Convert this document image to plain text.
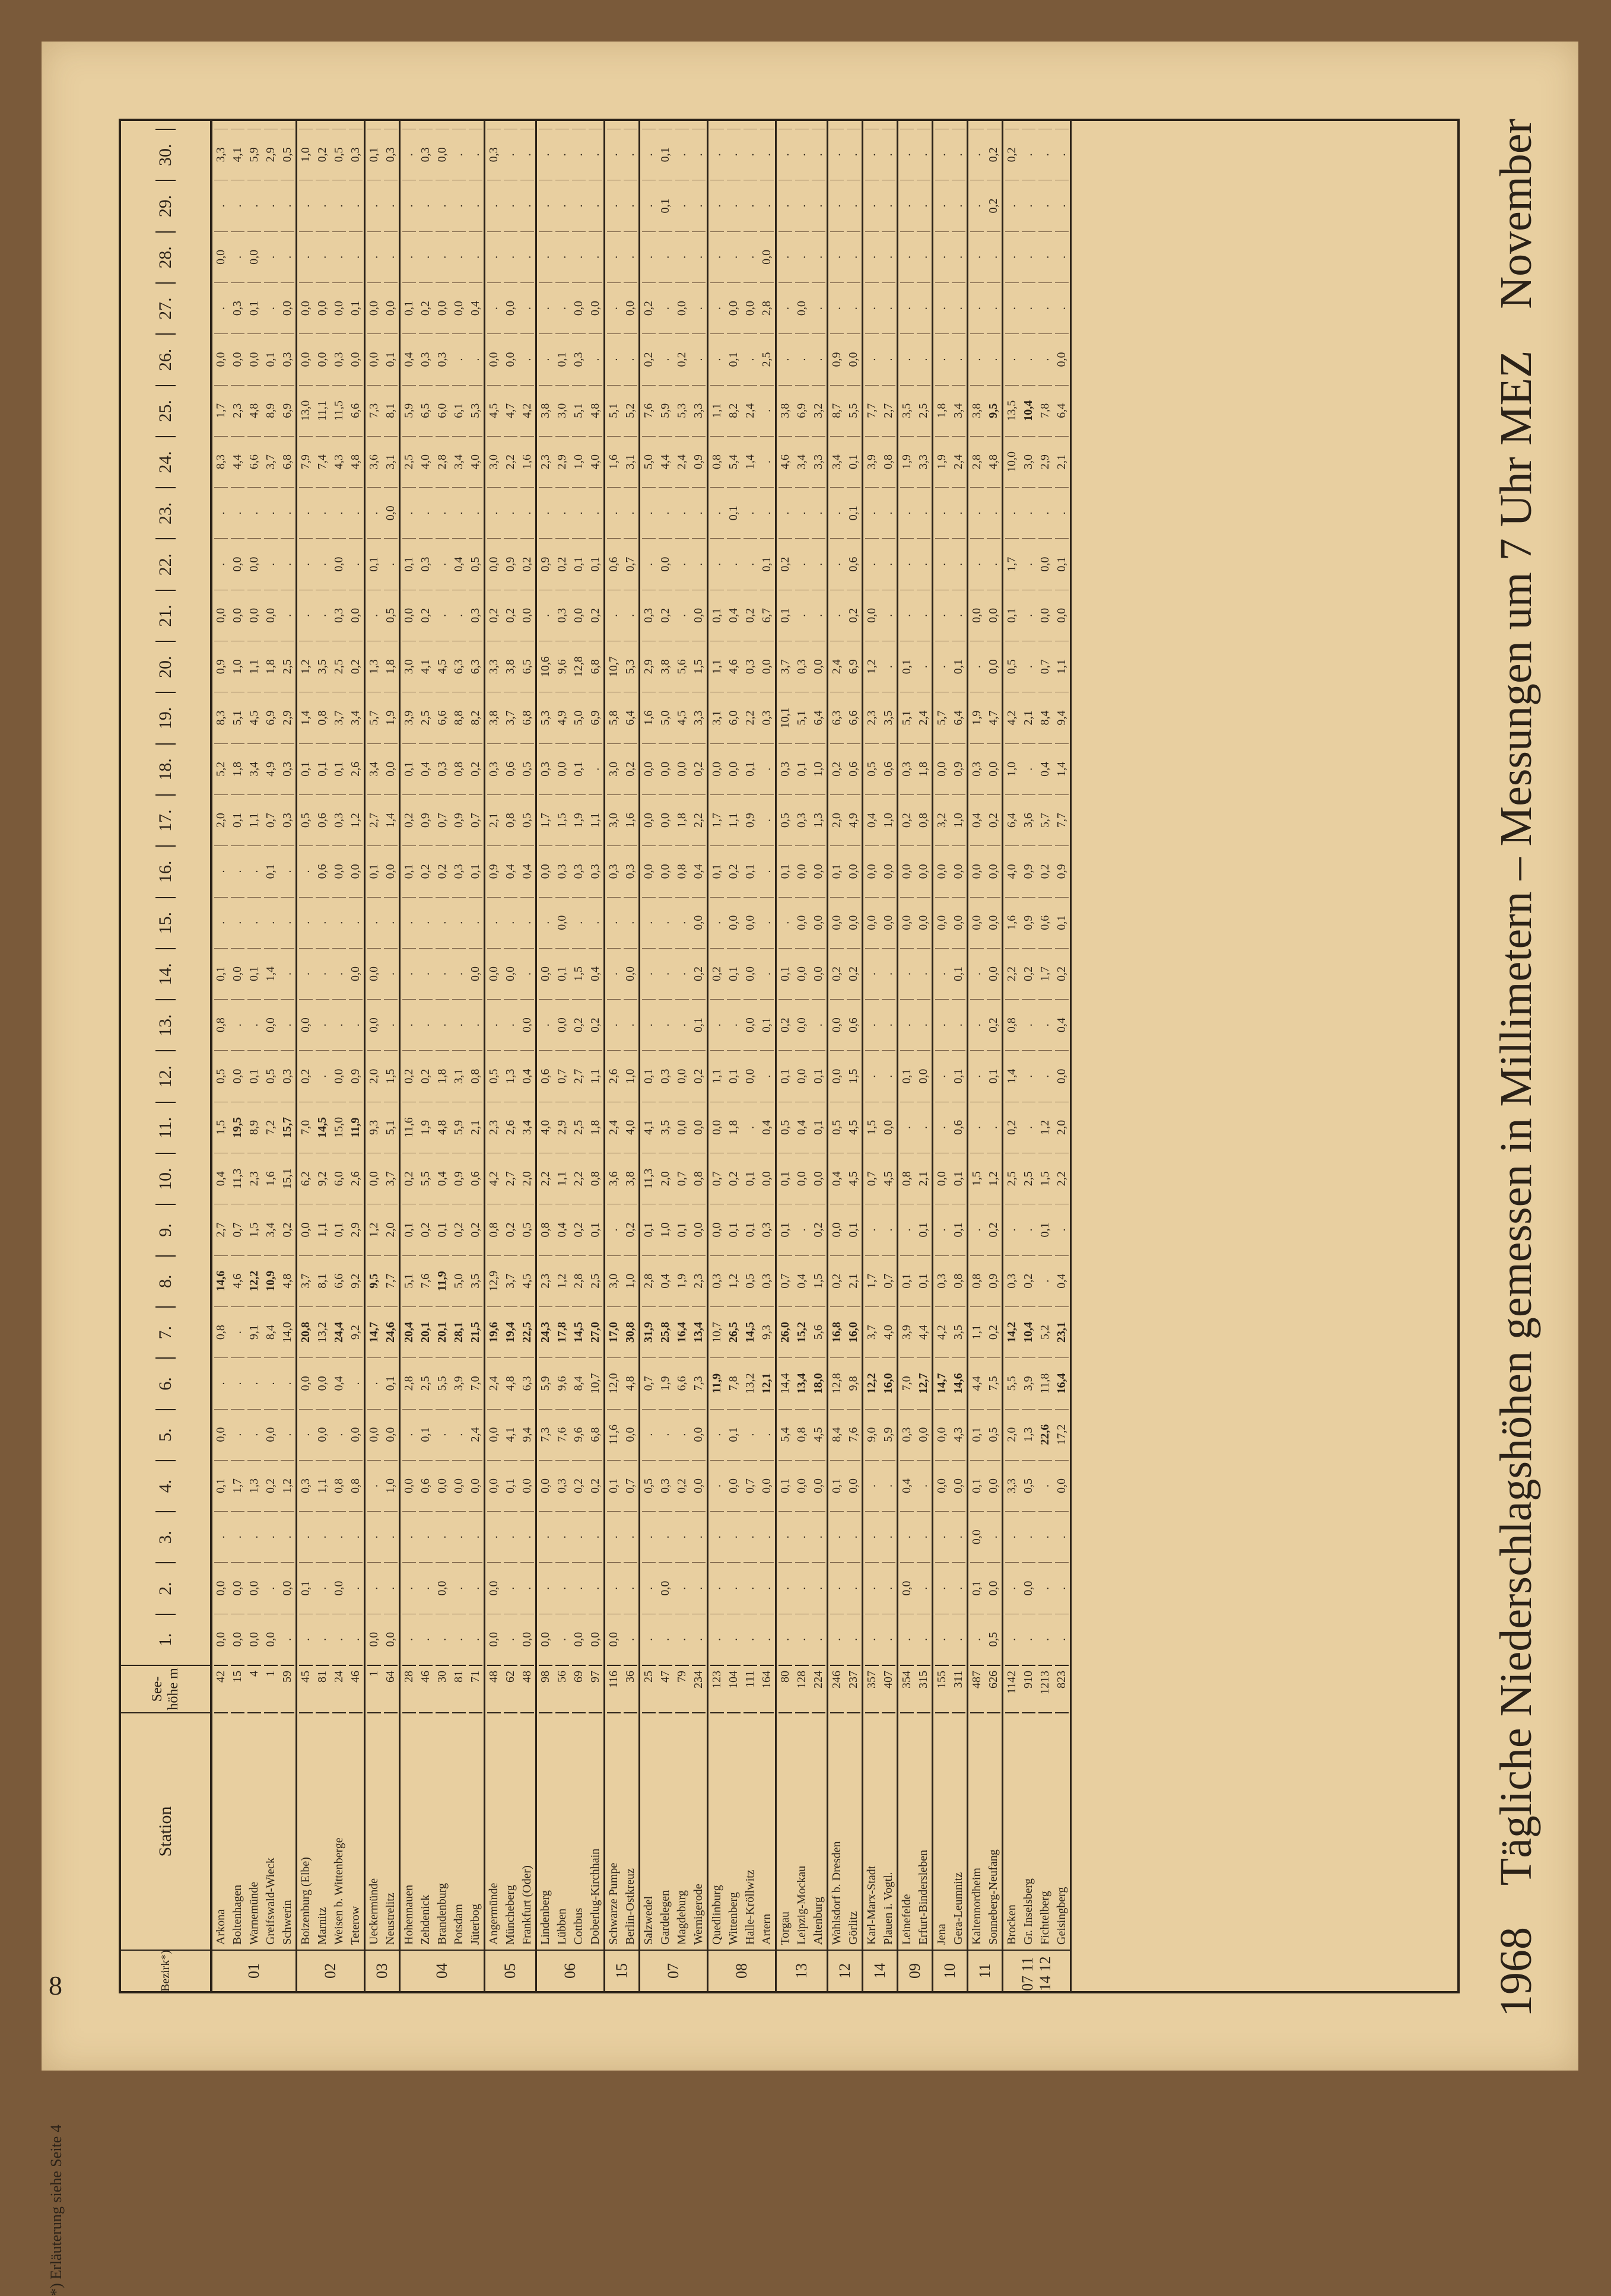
8
*) Erläuterung siehe Seite 4
1968
Tägliche Niederschlagshöhen gemessen in Millimetern – Messungen um 7 Uhr MEZ
November
Bezirk*)
Station
See-höhe m
1.
2.
3.
4.
5.
6.
7.
8.
9.
10.
11.
12.
13.
14.
15.
16.
17.
18.
19.
20.
21.
22.
23.
24.
25.
26.
27.
28.
29.
30.
01
Arkona
42
0,0
0,0
.
0,1
0,0
.
0,8
14,6
2,7
0,4
1,5
0,5
0,8
0,1
.
.
2,0
5,2
8,3
0,9
0,0
.
.
8,3
1,7
0,0
.
0,0
.
3,3
Boltenhagen
15
0,0
0,0
.
1,7
.
.
.
4,6
0,7
11,3
19,5
0,0
.
0,0
.
.
0,1
1,8
5,1
1,0
0,0
0,0
.
4,4
2,3
0,0
0,3
.
.
4,1
Warnemünde
4
0,0
0,0
.
1,3
.
.
9,1
12,2
1,5
2,3
8,9
0,1
.
0,1
.
.
1,1
3,4
4,5
1,1
0,0
0,0
.
6,6
4,8
0,0
0,1
0,0
.
5,9
Greifswald-Wieck
1
0,0
.
.
0,2
0,0
.
8,4
10,9
3,4
1,6
7,2
0,5
0,0
1,4
.
0,1
0,7
4,9
6,9
1,8
0,0
.
.
3,7
8,9
0,1
.
.
.
2,9
Schwerin
59
.
0,0
.
1,2
.
.
14,0
4,8
0,2
15,1
15,7
0,3
.
.
.
.
0,3
0,3
2,9
2,5
.
.
.
6,8
6,9
0,3
0,0
.
.
0,5
02
Boizenburg (Elbe)
45
.
0,1
.
0,3
.
0,0
20,8
3,7
0,0
6,2
7,0
0,2
0,0
.
.
.
0,5
0,1
1,4
1,2
.
.
.
7,9
13,0
0,0
0,0
.
.
1,0
Marnitz
81
.
.
.
1,1
0,0
0,0
13,2
8,1
1,1
9,2
14,5
.
.
.
.
0,6
0,6
0,1
0,8
3,5
.
.
.
7,4
11,1
0,0
0,0
.
.
0,2
Weisen b. Wittenberge
24
.
0,0
.
0,8
.
0,4
24,4
6,6
0,1
6,0
15,0
0,0
.
.
.
0,0
0,3
0,1
3,7
2,5
0,3
0,0
.
4,3
11,5
0,3
0,0
.
.
0,5
Teterow
46
.
.
.
0,8
0,0
.
9,2
9,2
2,9
2,6
11,9
0,9
.
0,0
.
0,0
1,2
2,6
3,4
0,2
0,0
.
.
4,8
6,6
0,0
0,1
.
.
0,3
03
Ueckermünde
1
0,0
.
.
.
0,0
.
14,7
9,5
1,2
0,0
9,3
2,0
0,0
0,0
.
0,1
2,7
3,4
5,7
1,3
.
0,1
.
3,6
7,3
0,0
0,0
.
.
0,1
Neustrelitz
64
0,0
.
.
1,0
0,0
0,1
24,6
7,7
2,0
3,7
5,1
1,5
.
.
.
0,0
1,4
0,0
1,9
1,8
0,5
.
0,0
3,1
8,1
0,1
0,0
.
.
0,3
04
Hohennauen
28
.
.
.
0,0
.
2,8
20,4
5,1
0,1
0,2
11,6
0,2
.
.
.
0,1
0,2
0,1
3,9
3,0
0,0
0,1
.
2,5
5,9
0,4
0,1
.
.
.
Zehdenick
46
.
.
.
0,6
0,1
2,5
20,1
7,6
0,2
5,5
1,9
0,2
.
.
.
0,2
0,9
0,4
2,5
4,1
0,2
0,3
.
4,0
6,5
0,3
0,2
.
.
0,3
Brandenburg
30
.
0,0
.
0,0
.
5,5
20,1
11,9
0,1
0,4
4,8
1,8
.
.
.
0,2
0,7
0,3
6,6
4,5
.
.
.
2,8
6,0
0,3
0,0
.
.
0,0
Potsdam
81
.
.
.
0,0
.
3,9
28,1
5,0
0,2
0,9
5,9
3,1
.
.
.
0,3
0,9
0,8
8,8
6,3
.
0,4
.
3,4
6,1
.
0,0
.
.
.
Jüterbog
71
.
.
.
0,0
2,4
7,0
21,5
3,5
0,2
0,6
2,1
0,8
.
0,0
.
0,1
0,7
0,2
8,2
6,3
0,3
0,5
.
4,0
5,3
.
0,4
.
.
.
05
Angermünde
48
0,0
0,0
.
0,0
0,0
2,4
19,6
12,9
0,8
4,2
2,3
0,5
.
0,0
.
0,9
2,1
0,3
3,8
3,3
0,2
0,0
.
3,0
4,5
0,0
.
.
.
0,3
Müncheberg
62
.
.
.
0,1
4,1
4,8
19,4
3,7
0,2
2,7
2,6
1,3
.
0,0
.
0,4
0,8
0,6
3,7
3,8
0,2
0,9
.
2,2
4,7
0,0
0,0
.
.
.
Frankfurt (Oder)
48
0,0
.
.
0,0
9,4
6,3
22,5
4,5
0,5
2,0
3,4
0,4
0,0
.
.
0,4
0,5
0,5
6,8
6,5
0,0
0,2
.
1,6
4,2
.
.
.
.
.
06
Lindenberg
98
0,0
.
.
0,0
7,3
5,9
24,3
2,3
0,8
2,2
4,0
0,6
.
0,0
.
0,0
1,7
0,3
5,3
10,6
.
0,9
.
2,3
3,8
.
.
.
.
.
Lübben
56
.
.
.
0,3
7,6
9,6
17,8
1,2
0,4
1,1
2,9
0,7
0,0
0,1
0,0
0,3
1,5
0,0
4,9
9,6
0,3
0,2
.
2,9
3,0
0,1
.
.
.
.
Cottbus
69
0,0
.
.
0,2
9,6
8,4
14,5
2,8
0,2
2,2
2,5
2,7
0,2
1,5
.
0,3
1,9
0,1
5,0
12,8
0,0
0,1
.
1,0
5,1
0,3
0,0
.
.
.
Doberlug-Kirchhain
97
0,0
.
.
0,2
6,8
10,7
27,0
2,5
0,1
0,8
1,8
1,1
0,2
0,4
.
0,3
1,1
.
6,9
6,8
0,2
0,1
.
4,0
4,8
.
0,0
.
.
.
15
Schwarze Pumpe
116
0,0
.
.
0,1
11,6
12,0
17,0
3,0
.
3,6
2,4
2,6
.
.
.
0,3
3,0
3,0
5,8
10,7
.
0,6
.
1,6
5,1
.
.
.
.
.
Berlin-Ostkreuz
36
.
.
.
0,7
0,0
4,8
30,8
1,0
0,2
3,8
4,0
1,0
.
0,0
.
0,3
1,6
0,2
6,4
5,3
.
0,7
.
3,1
5,2
.
0,0
.
.
.
07
Salzwedel
25
.
.
.
0,5
.
0,7
31,9
2,8
0,1
11,3
4,1
0,1
.
.
.
0,0
0,0
0,0
1,6
2,9
0,3
.
.
5,0
7,6
0,2
0,2
.
.
.
Gardelegen
47
.
0,0
.
0,3
.
1,9
25,8
0,4
1,0
2,0
3,5
0,3
.
.
.
0,0
0,0
0,0
5,0
3,8
0,2
0,0
.
4,4
5,9
.
.
.
0,1
0,1
Magdeburg
79
.
.
.
0,2
.
6,6
16,4
1,9
0,1
0,7
0,0
0,0
.
.
.
0,8
1,8
0,0
4,5
5,6
.
.
.
2,4
5,3
0,2
0,0
.
.
.
Wernigerode
234
.
.
.
0,0
0,0
7,3
13,4
2,3
0,0
0,8
0,0
0,2
0,1
0,2
0,0
0,4
2,2
0,2
3,3
1,5
0,0
.
.
0,9
3,3
.
.
.
.
.
08
Quedlinburg
123
.
.
.
.
.
11,9
10,7
0,3
0,0
0,7
0,0
1,1
.
0,2
.
0,1
1,7
0,0
3,1
1,1
0,1
.
.
0,8
1,1
.
.
.
.
.
Wittenberg
104
.
.
.
0,0
0,1
7,8
26,5
1,2
0,1
0,2
1,8
0,1
.
0,1
0,0
0,2
1,1
0,0
6,0
4,6
0,4
.
0,1
5,4
8,2
0,1
0,0
.
.
.
Halle-Kröllwitz
111
.
.
.
0,7
.
13,2
14,5
0,5
0,1
0,1
.
0,0
0,0
0,0
0,0
0,1
0,9
0,1
2,2
0,3
0,2
.
.
1,4
2,4
.
0,0
.
.
.
Artern
164
.
.
.
0,0
.
12,1
9,3
0,3
0,3
0,0
0,4
.
0,1
.
.
.
.
.
0,3
0,0
6,7
0,1
.
.
.
2,5
2,8
0,0
.
.
13
Torgau
80
.
.
.
0,1
5,4
14,4
26,0
0,7
0,1
0,1
0,5
0,1
0,2
0,1
.
0,1
0,5
0,3
10,1
3,7
0,1
0,2
.
4,6
3,8
.
.
.
.
.
Leipzig-Mockau
128
.
.
.
0,0
0,8
13,4
15,2
0,4
.
0,0
0,4
0,0
0,0
0,0
0,0
0,0
0,3
0,1
5,1
0,3
.
.
.
3,4
6,9
.
0,0
.
.
.
Altenburg
224
.
.
.
0,0
4,5
18,0
5,6
1,5
0,2
0,0
0,1
0,1
.
0,0
0,0
0,0
1,3
1,0
6,4
0,0
.
.
.
3,3
3,2
.
.
.
.
.
12
Wahlsdorf b. Dresden
246
.
.
.
0,1
8,4
12,8
16,8
0,2
0,0
0,4
0,5
0,0
0,0
0,2
0,0
0,1
2,0
0,2
6,3
2,4
.
.
.
3,4
8,7
0,9
.
.
.
.
Görlitz
237
.
.
.
0,0
7,6
9,8
16,0
2,1
0,1
4,5
4,5
1,5
0,6
0,2
0,0
0,0
4,9
0,6
6,6
6,9
0,2
0,6
0,1
0,1
5,5
0,0
.
.
.
.
14
Karl-Marx-Stadt
357
.
.
.
.
9,0
12,2
3,7
1,7
.
0,7
1,5
.
.
.
0,0
0,0
0,4
0,5
2,3
1,2
0,0
.
.
3,9
7,7
.
.
.
.
.
Plauen i. Vogtl.
407
.
.
.
.
5,9
16,0
4,0
0,7
.
4,5
0,0
.
.
.
0,0
0,0
1,0
0,6
3,5
.
.
.
.
0,8
2,7
.
.
.
.
.
09
Leinefelde
354
.
0,0
.
0,4
0,3
7,0
3,9
0,1
.
0,8
.
0,1
.
.
0,0
0,0
0,2
0,3
5,1
0,1
.
.
.
1,9
3,5
.
.
.
.
.
Erfurt-Bindersleben
315
.
.
.
.
0,0
12,7
4,4
0,1
0,1
2,1
.
0,0
.
.
0,0
0,0
0,8
1,8
2,4
.
.
.
.
3,3
2,5
.
.
.
.
.
10
Jena
155
.
.
.
0,0
0,0
14,7
4,2
0,3
.
0,0
.
.
.
.
0,0
0,0
3,2
0,0
5,7
.
.
.
.
1,9
1,8
.
.
.
.
.
Gera-Leumnitz
311
.
.
.
0,0
4,3
14,6
3,5
0,8
0,1
0,1
0,6
0,1
.
0,1
0,0
0,0
1,0
0,9
6,4
0,1
.
.
.
2,4
3,4
.
.
.
.
.
11
Kaltennordheim
487
.
0,1
0,0
0,1
0,1
4,4
1,1
0,8
.
1,5
.
.
.
.
0,0
0,0
0,4
0,3
1,9
.
0,0
.
.
2,8
3,8
.
.
.
.
.
Sonneberg-Neufang
626
0,5
0,0
.
0,0
0,5
7,5
0,2
0,9
0,2
1,2
.
0,1
0,2
0,0
0,0
0,0
0,2
0,0
4,7
0,0
0,0
.
.
4,8
9,5
.
.
.
0,2
0,2
07 11 14 12
Brocken
1142
.
.
.
3,3
2,0
5,5
14,2
0,3
.
2,5
0,2
1,4
0,8
2,2
1,6
4,0
6,4
1,0
4,2
0,5
0,1
1,7
.
10,0
13,5
.
.
.
.
0,2
Gr. Inselsberg
910
.
0,0
.
0,5
1,3
3,9
10,4
0,2
.
2,5
.
.
.
0,2
0,9
0,9
3,6
.
2,1
.
.
.
.
3,0
10,4
.
.
.
.
.
Fichtelberg
1213
.
.
.
.
22,6
11,8
5,2
.
0,1
1,5
1,2
.
.
1,7
0,6
0,2
5,7
0,4
8,4
0,7
0,0
0,0
.
2,9
7,8
.
.
.
.
.
Geisingberg
823
.
.
.
0,0
17,2
16,4
23,1
0,4
.
2,2
2,0
0,0
0,4
0,2
0,1
0,9
7,7
1,4
9,4
1,1
0,0
0,1
.
2,1
6,4
0,0
.
.
.
.
